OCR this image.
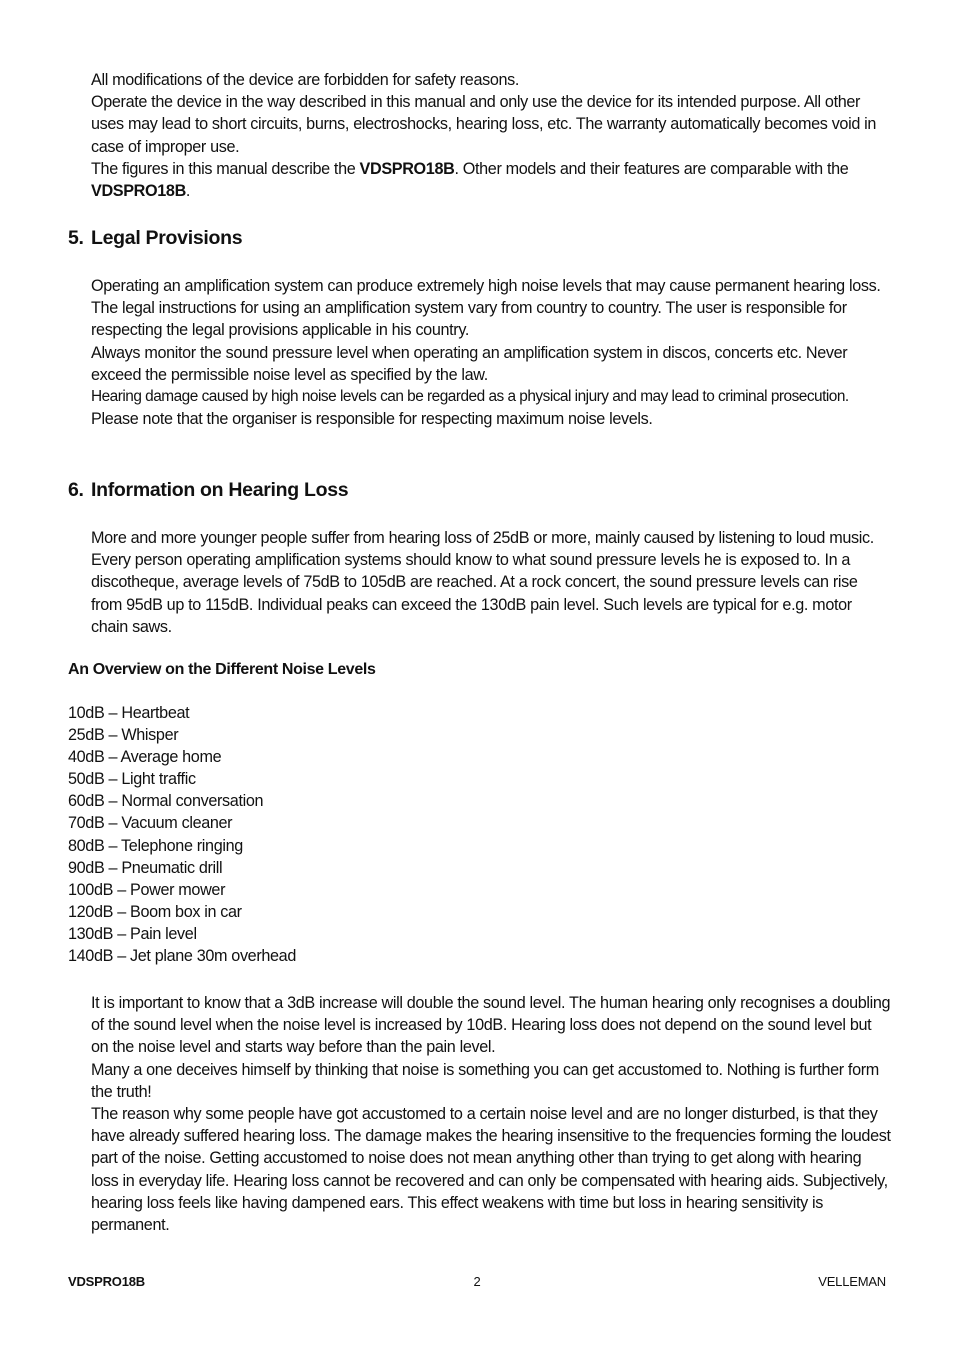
All modifications of the device are forbidden for safety reasons.

Operate the device in the way described in this manual and only use the device for its intended purpose. All other uses may lead to short circuits, burns, electroshocks, hearing loss, etc. The warranty automatically becomes void in case of improper use.

The figures in this manual describe the VDSPRO18B. Other models and their features are comparable with the VDSPRO18B.

5. Legal Provisions

Operating an amplification system can produce extremely high noise levels that may cause permanent hearing loss. The legal instructions for using an amplification system vary from country to country. The user is responsible for respecting the legal provisions applicable in his country.

Always monitor the sound pressure level when operating an amplification system in discos, concerts etc. Never exceed the permissible noise level as specified by the law.

Hearing damage caused by high noise levels can be regarded as a physical injury and may lead to criminal prosecution.

Please note that the organiser is responsible for respecting maximum noise levels.

6. Information on Hearing Loss

More and more younger people suffer from hearing loss of 25dB or more, mainly caused by listening to loud music. Every person operating amplification systems should know to what sound pressure levels he is exposed to. In a discotheque, average levels of 75dB to 105dB are reached. At a rock concert, the sound pressure levels can rise from 95dB up to 115dB. Individual peaks can exceed the 130dB pain level. Such levels are typical for e.g. motor chain saws.

An Overview on the Different Noise Levels
10dB – Heartbeat
25dB – Whisper
40dB – Average home
50dB – Light traffic
60dB – Normal conversation
70dB – Vacuum cleaner
80dB – Telephone ringing
90dB – Pneumatic drill
100dB – Power mower
120dB – Boom box in car
130dB – Pain level
140dB – Jet plane 30m overhead

It is important to know that a 3dB increase will double the sound level. The human hearing only recognises a doubling of the sound level when the noise level is increased by 10dB. Hearing loss does not depend on the sound level but on the noise level and starts way before than the pain level.

Many a one deceives himself by thinking that noise is something you can get accustomed to. Nothing is further form the truth!

The reason why some people have got accustomed to a certain noise level and are no longer disturbed, is that they have already suffered hearing loss. The damage makes the hearing insensitive to the frequencies forming the loudest part of the noise. Getting accustomed to noise does not mean anything other than trying to get along with hearing loss in everyday life. Hearing loss cannot be recovered and can only be compensated with hearing aids. Subjectively, hearing loss feels like having dampened ears. This effect weakens with time but loss in hearing sensitivity is permanent.

VDSPRO18B	2	VELLEMAN
